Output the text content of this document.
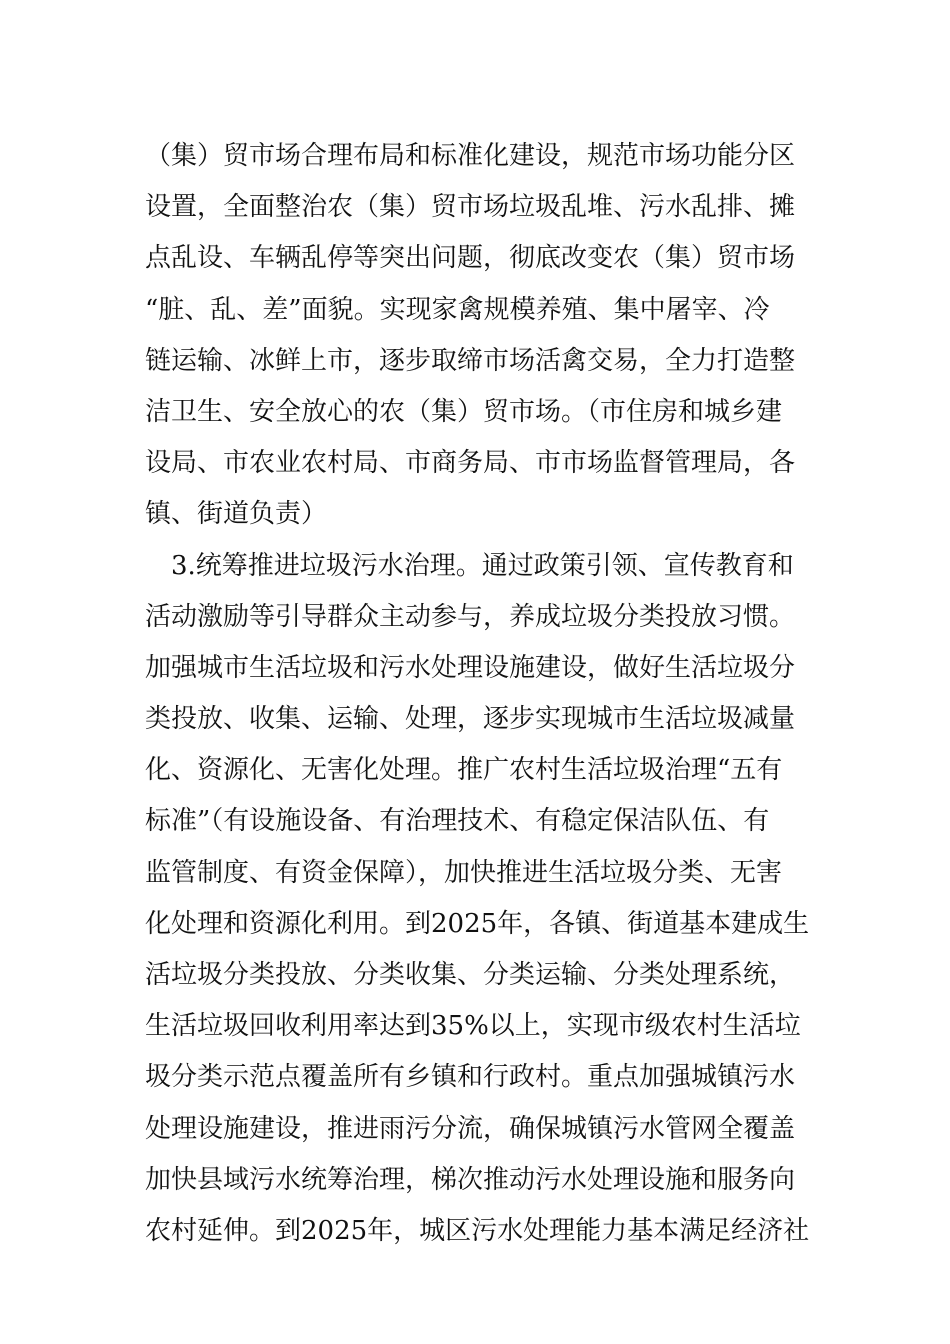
（集）贸市场合理布局和标准化建设，规范市场功能分区
设置，全面整治农（集）贸市场垃圾乱堆、污水乱排、摊
点乱设、车辆乱停等突出问题，彻底改变农（集）贸市场
“脏、乱、差”面貌。实现家禽规模养殖、集中屠宰、冷
链运输、冰鲜上市，逐步取缔市场活禽交易，全力打造整
洁卫生、安全放心的农（集）贸市场。（市住房和城乡建
设局、市农业农村局、市商务局、市市场监督管理局，各
镇、街道负责）
　3.统筹推进垃圾污水治理。通过政策引领、宣传教育和
活动激励等引导群众主动参与，养成垃圾分类投放习惯。
加强城市生活垃圾和污水处理设施建设，做好生活垃圾分
类投放、收集、运输、处理，逐步实现城市生活垃圾减量
化、资源化、无害化处理。推广农村生活垃圾治理“五有
标准”（有设施设备、有治理技术、有稳定保洁队伍、有
监管制度、有资金保障），加快推进生活垃圾分类、无害
化处理和资源化利用。到2025年，各镇、街道基本建成生
活垃圾分类投放、分类收集、分类运输、分类处理系统，
生活垃圾回收利用率达到35%以上，实现市级农村生活垃
圾分类示范点覆盖所有乡镇和行政村。重点加强城镇污水
处理设施建设，推进雨污分流，确保城镇污水管网全覆盖
加快县域污水统筹治理，梯次推动污水处理设施和服务向
农村延伸。到2025年，城区污水处理能力基本满足经济社
